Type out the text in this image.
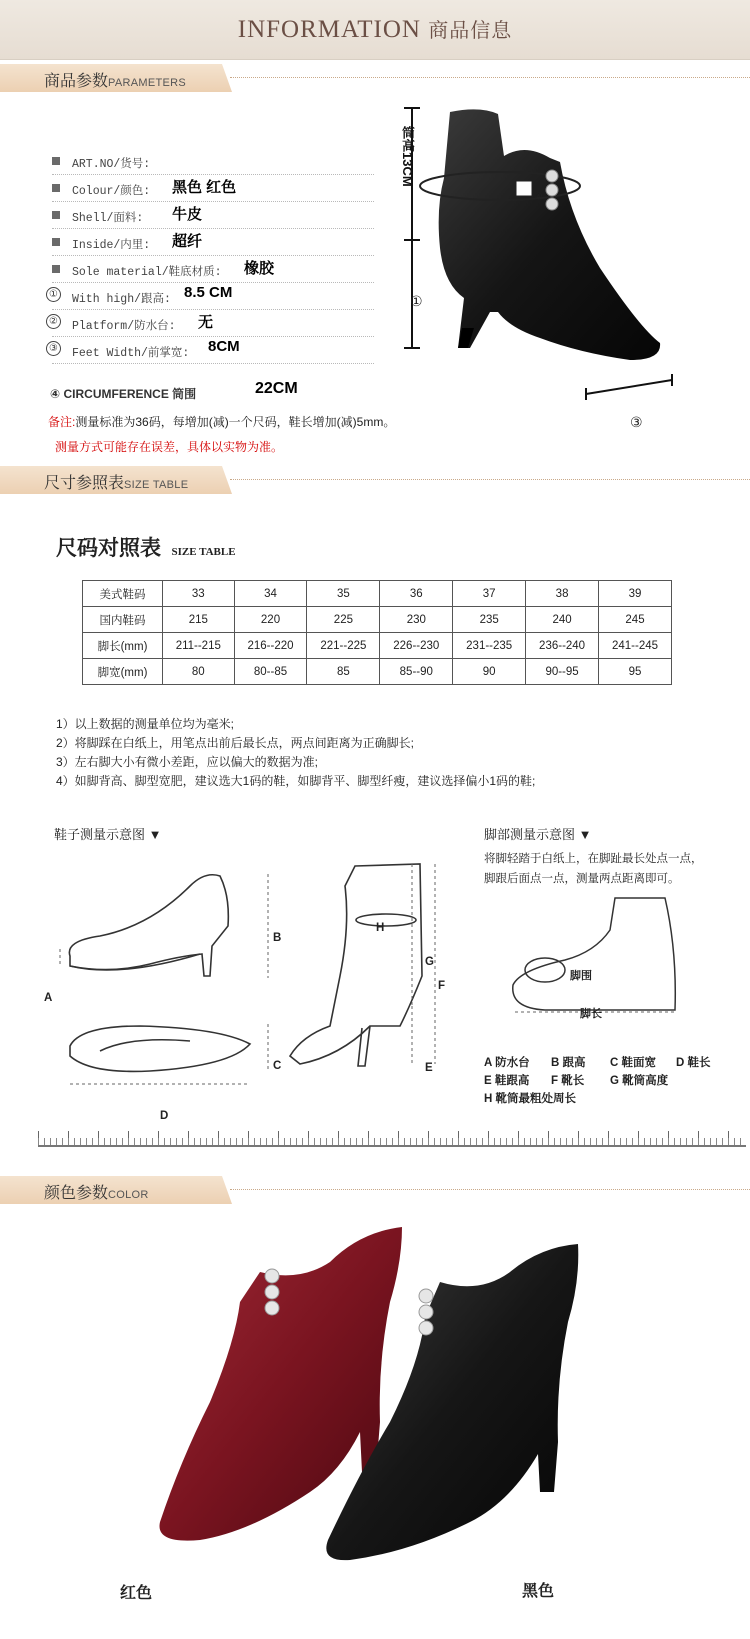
INFORMATION 商品信息
商品参数PARAMETERS
ART.NO/货号:
Colour/颜色: 黑色 红色
Shell/面料: 牛皮
Inside/内里: 超纤
Sole material/鞋底材质: 橡胶
① With high/跟高: 8.5 CM
② Platform/防水台: 无
③ Feet Width/前掌宽: 8CM
④ CIRCUMFERENCE 筒围	22CM
备注:测量标准为36码，每增加(减)一个尺码，鞋长增加(减)5mm。
测量方式可能存在误差，具体以实物为准。
筒高13CM
①
④
③
尺寸参照表SIZE TABLE
尺码对照表 SIZE TABLE
美式鞋码	33	34	35	36	37	38	39
国内鞋码	215	220	225	230	235	240	245
脚长(mm)	211--215	216--220	221--225	226--230	231--235	236--240	241--245
脚宽(mm)	80	80--85	85	85--90	90	90--95	95
1）以上数据的测量单位均为毫米;
2）将脚踩在白纸上，用笔点出前后最长点，两点间距离为正确脚长;
3）左右脚大小有微小差距，应以偏大的数据为准;
4）如脚背高、脚型宽肥，建议选大1码的鞋，如脚背平、脚型纤瘦，建议选择偏小1码的鞋;
鞋子测量示意图 ▼	脚部测量示意图 ▼
将脚轻踏于白纸上，在脚趾最长处点一点，
脚跟后面点一点，测量两点距离即可。
A
B
C
D
E
F
G
H
脚围
脚长
A 防水台 B 跟高 C 鞋面宽 D 鞋长
E 鞋跟高 F 靴长 G 靴筒高度
H 靴筒最粗处周长
颜色参数COLOR
红色	黑色
